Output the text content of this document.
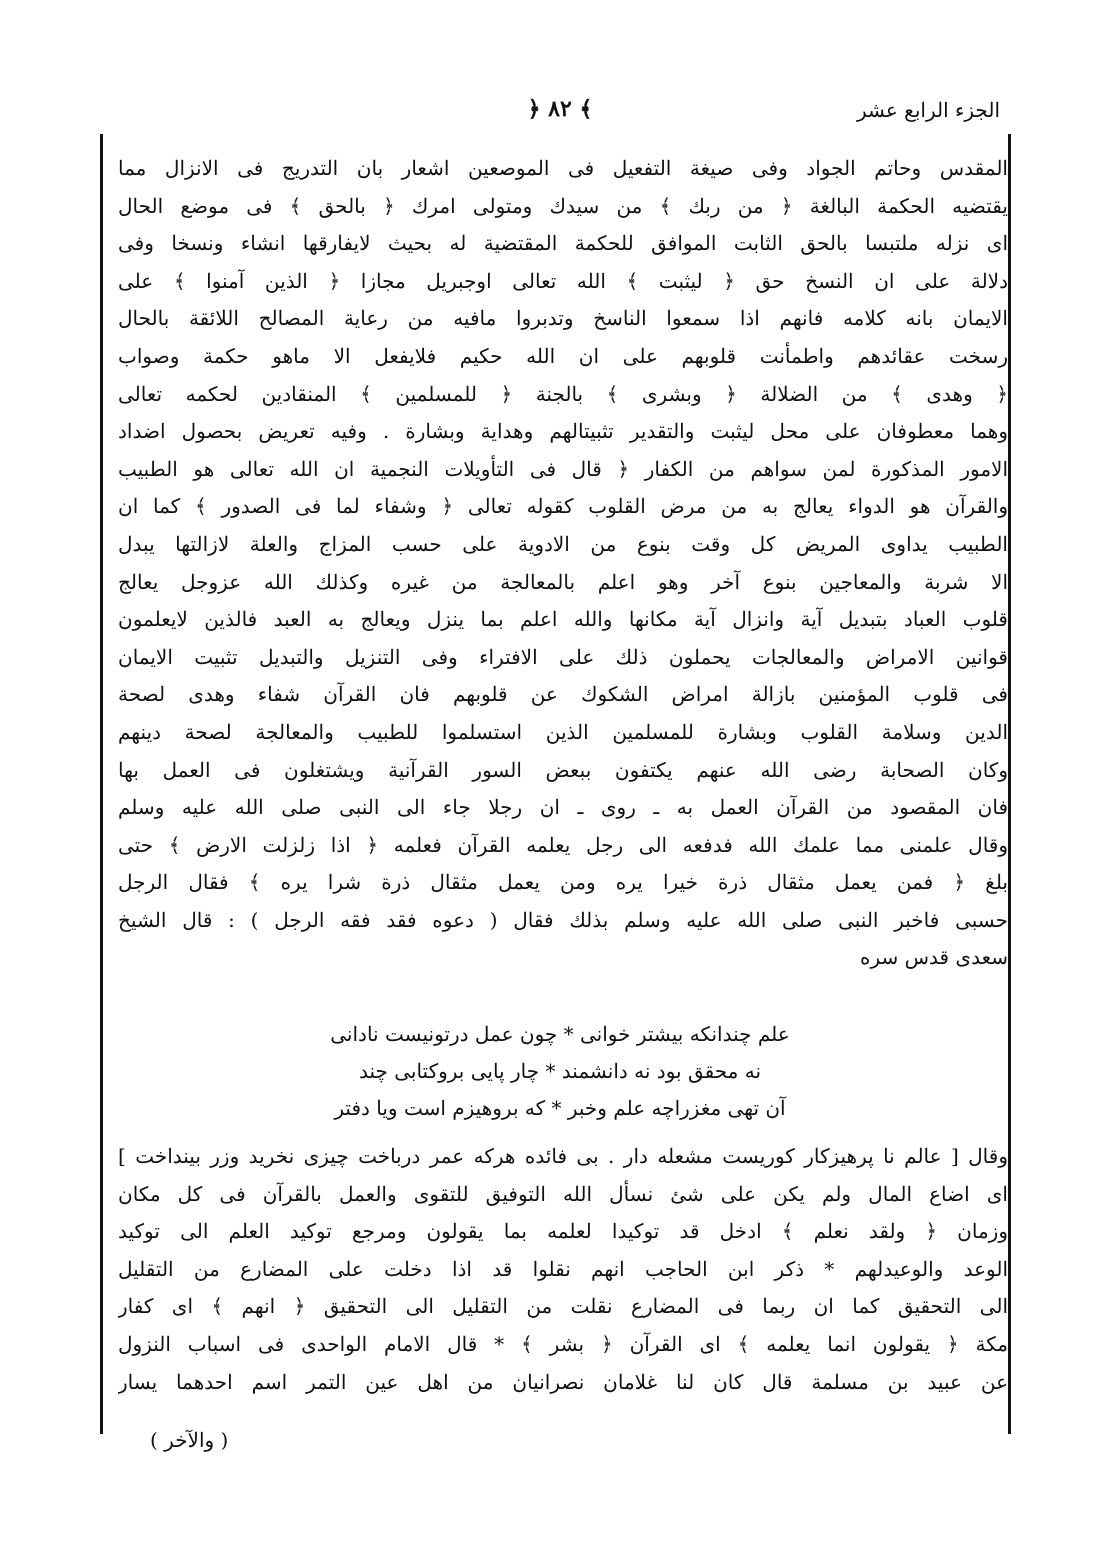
الجزء الرابع عشر
﴿ ٨٢ ﴾
المقدس وحاتم الجواد وفى صيغة التفعيل فى الموصعين اشعار بان التدريج فى الانزال مما
يقتضيه الحكمة البالغة ﴿ من ربك ﴾ من سيدك ومتولى امرك ﴿ بالحق ﴾ فى موضع الحال
اى نزله ملتبسا بالحق الثابت الموافق للحكمة المقتضية له بحيث لايفارقها انشاء ونسخا وفى
دلالة على ان النسخ حق ﴿ ليثبت ﴾ الله تعالى اوجبريل مجازا ﴿ الذين آمنوا ﴾ على
الايمان بانه كلامه فانهم اذا سمعوا الناسخ وتدبروا مافيه من رعاية المصالح اللائقة بالحال
رسخت عقائدهم واطمأنت قلوبهم على ان الله حكيم فلايفعل الا ماهو حكمة وصواب
﴿ وهدى ﴾ من الضلالة ﴿ وبشرى ﴾ بالجنة ﴿ للمسلمين ﴾ المنقادين لحكمه تعالى
وهما معطوفان على محل ليثبت والتقدير تثبيتالهم وهداية وبشارة . وفيه تعريض بحصول اضداد
الامور المذكورة لمن سواهم من الكفار ﴿ قال فى التأويلات النجمية ان الله تعالى هو الطبيب
والقرآن هو الدواء يعالج به من مرض القلوب كقوله تعالى ﴿ وشفاء لما فى الصدور ﴾ كما ان
الطبيب يداوى المريض كل وقت بنوع من الادوية على حسب المزاج والعلة لازالتها يبدل
الا شربة والمعاجين بنوع آخر وهو اعلم بالمعالجة من غيره وكذلك الله عزوجل يعالج
قلوب العباد بتبديل آية وانزال آية مكانها والله اعلم بما ينزل ويعالج به العبد فالذين لايعلمون
قوانين الامراض والمعالجات يحملون ذلك على الافتراء وفى التنزيل والتبديل تثبيت الايمان
فى قلوب المؤمنين بازالة امراض الشكوك عن قلوبهم فان القرآن شفاء وهدى لصحة
الدين وسلامة القلوب وبشارة للمسلمين الذين استسلموا للطبيب والمعالجة لصحة دينهم
وكان الصحابة رضى الله عنهم يكتفون ببعض السور القرآنية ويشتغلون فى العمل بها
فان المقصود من القرآن العمل به ـ روى ـ ان رجلا جاء الى النبى صلى الله عليه وسلم
وقال علمنى مما علمك الله فدفعه الى رجل يعلمه القرآن فعلمه ﴿ اذا زلزلت الارض ﴾ حتى
بلغ ﴿ فمن يعمل مثقال ذرة خيرا يره ومن يعمل مثقال ذرة شرا يره ﴾ فقال الرجل
حسبى فاخبر النبى صلى الله عليه وسلم بذلك فقال ( دعوه فقد فقه الرجل ) : قال الشيخ
سعدى قدس سره
علم چندانكه بيشتر خوانى * چون عمل درتونيست نادانى
نه محقق بود نه دانشمند * چار پايى بروكتابى چند
آن تهى مغزراچه علم وخبر * كه بروهيزم است ويا دفتر
وقال [ عالم نا پرهيزكار كوريست مشعله دار . بى فائده هركه عمر درباخت چيزى نخريد وزر بينداخت ]
اى اضاع المال ولم يكن على شئ نسأل الله التوفيق للتقوى والعمل بالقرآن فى كل مكان
وزمان ﴿ ولقد نعلم ﴾ ادخل قد توكيدا لعلمه بما يقولون ومرجع توكيد العلم الى توكيد
الوعد والوعيدلهم * ذكر ابن الحاجب انهم نقلوا قد اذا دخلت على المضارع من التقليل
الى التحقيق كما ان ربما فى المضارع نقلت من التقليل الى التحقيق ﴿ انهم ﴾ اى كفار
مكة ﴿ يقولون انما يعلمه ﴾ اى القرآن ﴿ بشر ﴾ * قال الامام الواحدى فى اسباب النزول
عن عبيد بن مسلمة قال كان لنا غلامان نصرانيان من اهل عين التمر اسم احدهما يسار
( والآخر )
